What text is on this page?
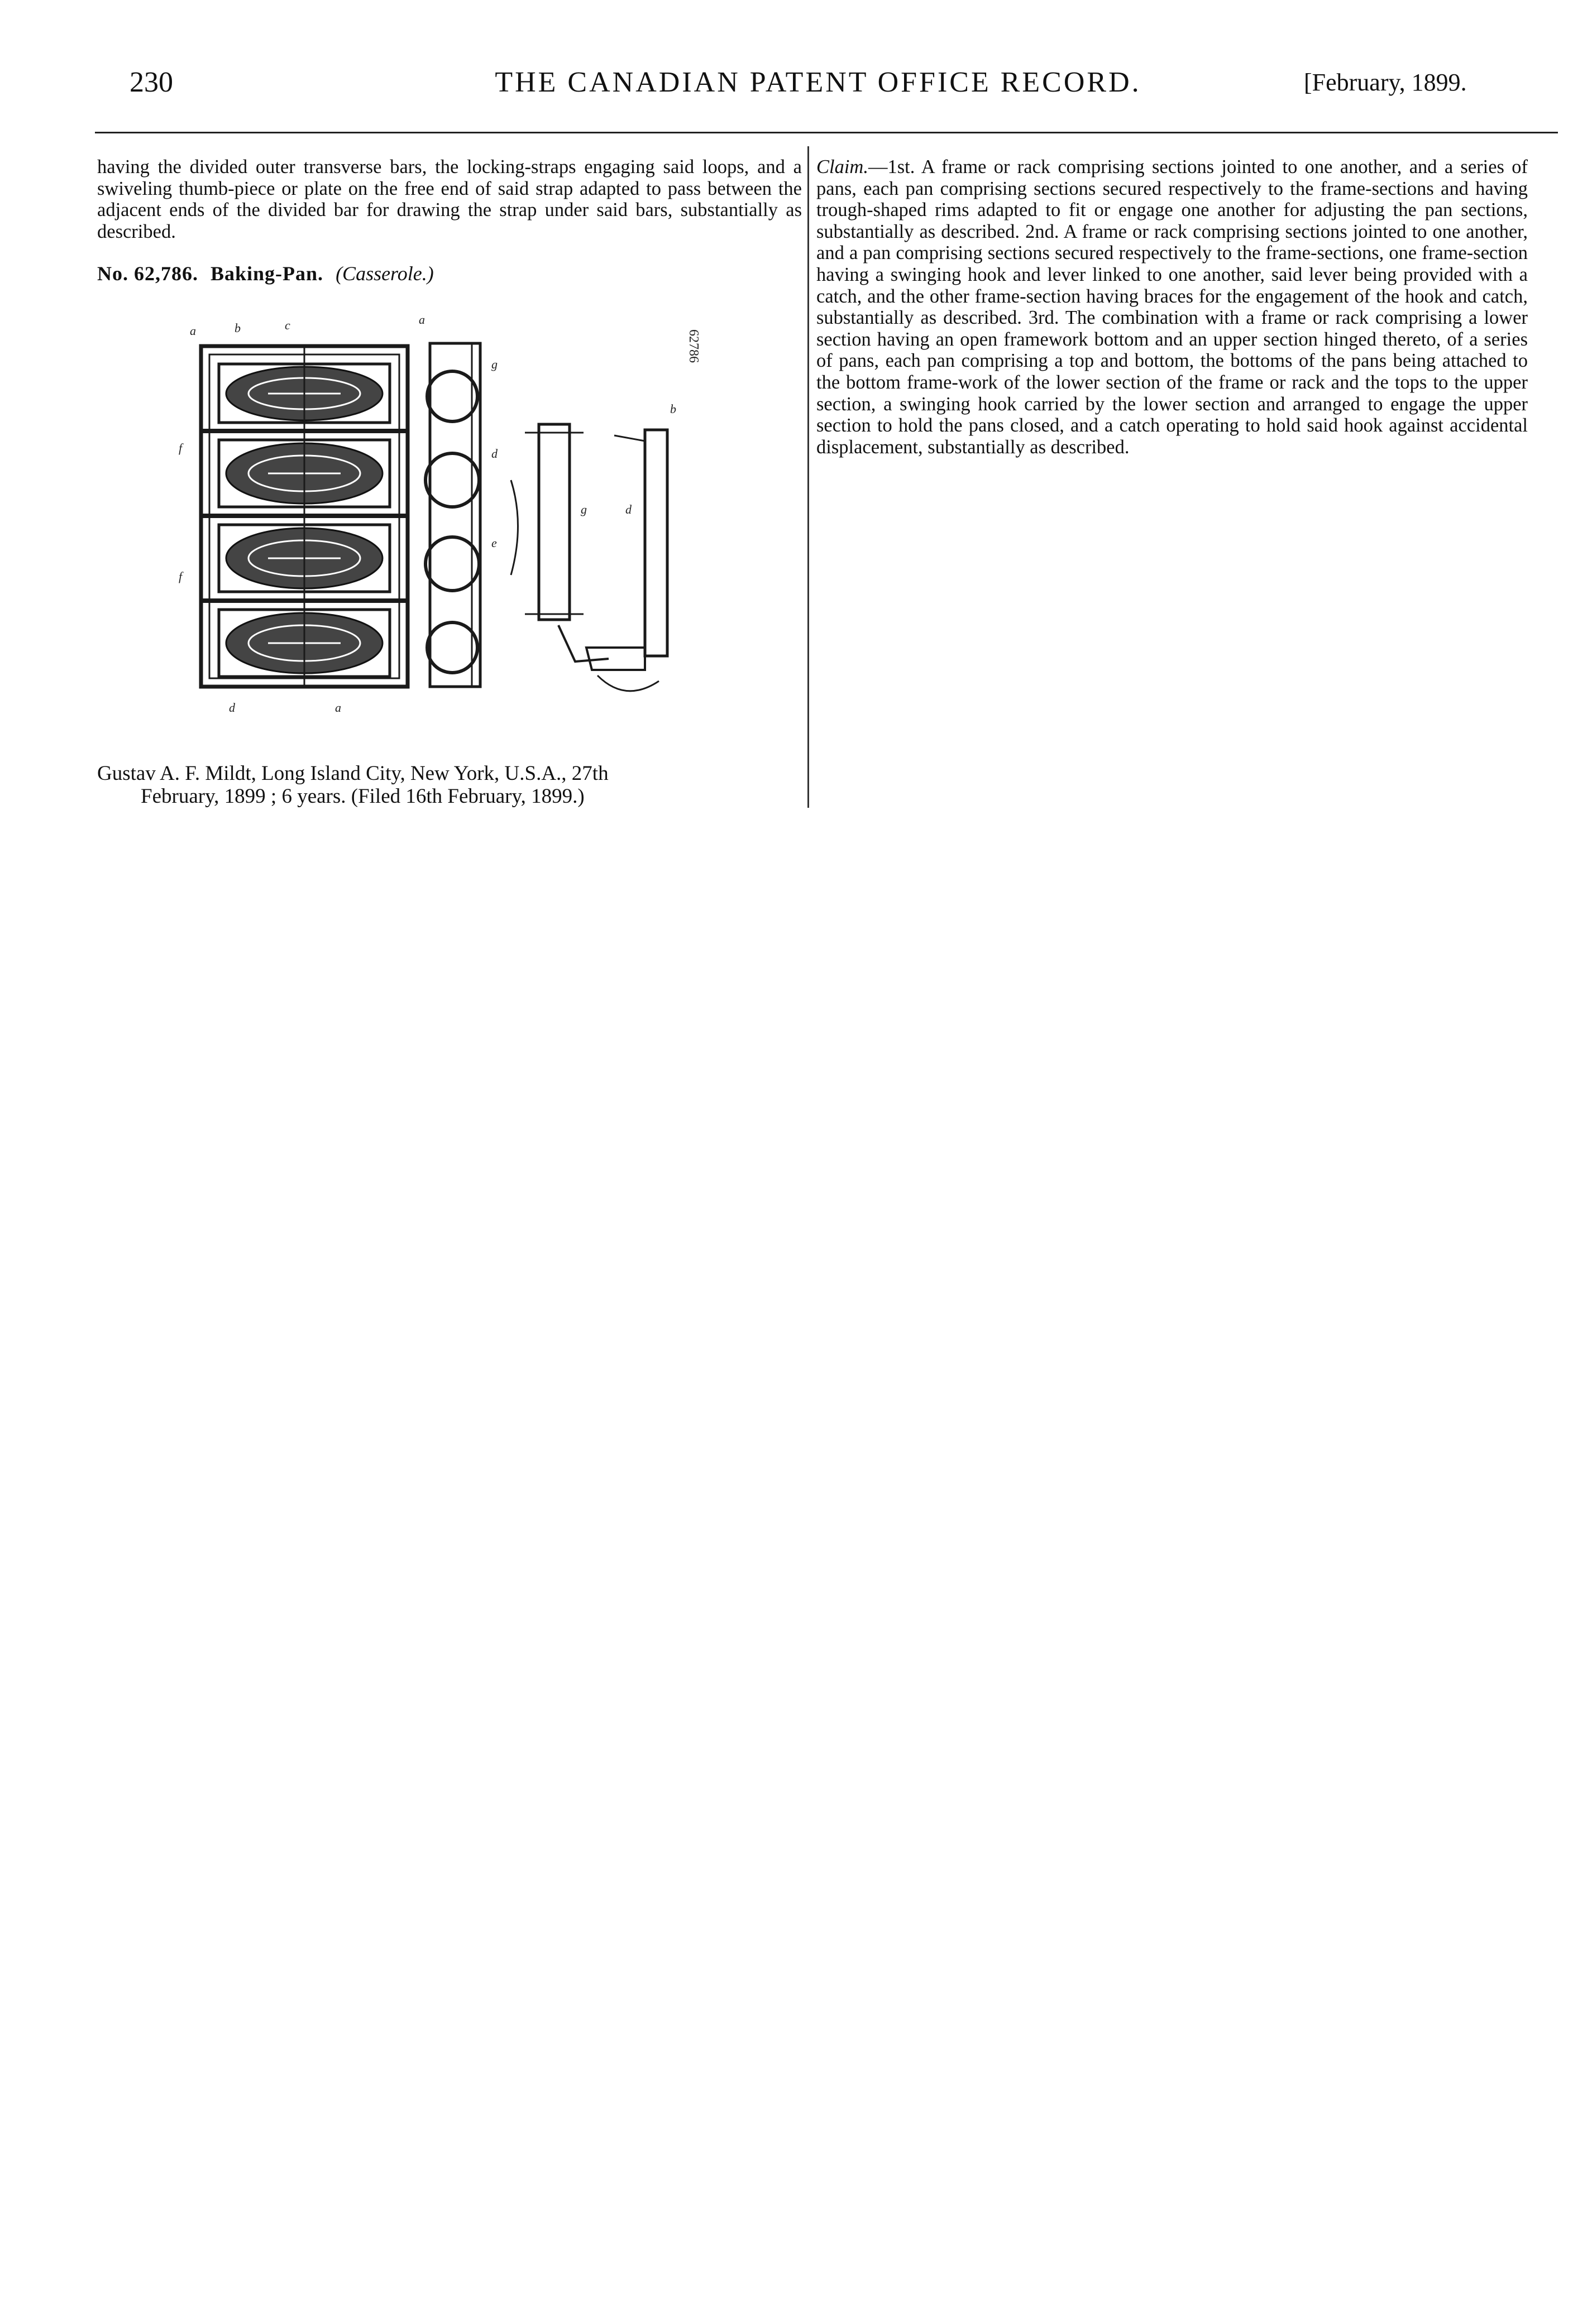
230	THE CANADIAN PATENT OFFICE RECORD.	[February, 1899.

having the divided outer transverse bars, the locking-straps engaging said loops, and a swiveling thumb-piece or plate on the free end of said strap adapted to pass between the adjacent ends of the divided bar for drawing the strap under said bars, substantially as described.

No. 62,786. Baking-Pan. (Casserole.)
a	b	c
f
f
a
g
d
e
g	d
b
d	a
62786
Gustav A. F. Mildt, Long Island City, New York, U.S.A., 27th
February, 1899 ; 6 years. (Filed 16th February, 1899.)

Claim.—1st. A frame or rack comprising sections jointed to one another, and a series of pans, each pan comprising sections secured respectively to the frame-sections and having trough-shaped rims adapted to fit or engage one another for adjusting the pan sections, substantially as described. 2nd. A frame or rack comprising sections jointed to one another, and a pan comprising sections secured respectively to the frame-sections, one frame-section having a swinging hook and lever linked to one another, said lever being provided with a catch, and the other frame-section having braces for the engagement of the hook and catch, substantially as described. 3rd. The combination with a frame or rack comprising a lower section having an open framework bottom and an upper section hinged thereto, of a series of pans, each pan comprising a top and bottom, the bottoms of the pans being attached to the bottom frame-work of the lower section of the frame or rack and the tops to the upper section, a swinging hook carried by the lower section and arranged to engage the upper section to hold the pans closed, and a catch operating to hold said hook against accidental displacement, substantially as described.
